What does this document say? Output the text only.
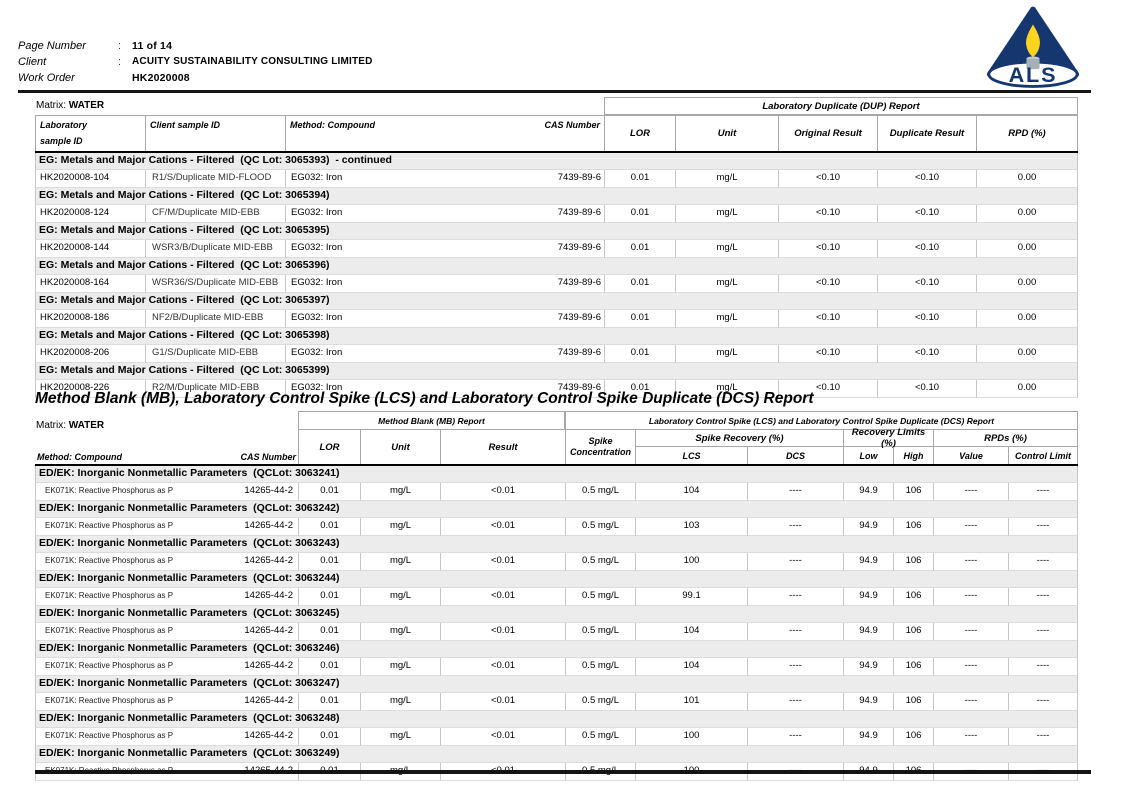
Page Number	:	11 of 14
Client	:	ACUITY SUSTAINABILITY CONSULTING LIMITED
Work Order	HK2020008	ALS
Matrix: WATER	Laboratory Duplicate (DUP) Report
Laboratory
sample ID
Client sample ID	Method: Compound	CAS Number
LOR	Unit	Original Result	Duplicate Result	RPD (%)
EG: Metals and Major Cations - Filtered  (QC Lot: 3065393)  - continued
HK2020008-104	R1/S/Duplicate MID-FLOOD	EG032: Iron	7439-89-6	0.01	mg/L	<0.10	<0.10	0.00
EG: Metals and Major Cations - Filtered  (QC Lot: 3065394)
HK2020008-124	CF/M/Duplicate MID-EBB	EG032: Iron	7439-89-6	0.01	mg/L	<0.10	<0.10	0.00
EG: Metals and Major Cations - Filtered  (QC Lot: 3065395)
HK2020008-144	WSR3/B/Duplicate MID-EBB	EG032: Iron	7439-89-6	0.01	mg/L	<0.10	<0.10	0.00
EG: Metals and Major Cations - Filtered  (QC Lot: 3065396)
HK2020008-164	WSR36/S/Duplicate MID-EBB	EG032: Iron	7439-89-6	0.01	mg/L	<0.10	<0.10	0.00
EG: Metals and Major Cations - Filtered  (QC Lot: 3065397)
HK2020008-186	NF2/B/Duplicate MID-EBB	EG032: Iron	7439-89-6	0.01	mg/L	<0.10	<0.10	0.00
EG: Metals and Major Cations - Filtered  (QC Lot: 3065398)
HK2020008-206	G1/S/Duplicate MID-EBB	EG032: Iron	7439-89-6	0.01	mg/L	<0.10	<0.10	0.00
EG: Metals and Major Cations - Filtered  (QC Lot: 3065399)
HK2020008-226	R2/M/Duplicate MID-EBB	EG032: Iron	7439-89-6	0.01	mg/L	<0.10	<0.10	0.00
Method Blank (MB), Laboratory Control Spike (LCS) and Laboratory Control Spike Duplicate (DCS) Report
Matrix: WATER	Method Blank (MB) Report	Laboratory Control Spike (LCS) and Laboratory Control Spike Duplicate (DCS) Report
Method: Compound	CAS Number
LOR	Unit	Result
Spike
Concentration
Spike Recovery (%)	Recovery Limits (%)	RPDs (%)
LCS	DCS	Low	High	Value	Control Limit
ED/EK: Inorganic Nonmetallic Parameters  (QCLot: 3063241)
EK071K: Reactive Phosphorus as P	14265-44-2	0.01	mg/L	<0.01	0.5 mg/L	104	----	94.9	106	----	----
ED/EK: Inorganic Nonmetallic Parameters  (QCLot: 3063242)
EK071K: Reactive Phosphorus as P	14265-44-2	0.01	mg/L	<0.01	0.5 mg/L	103	----	94.9	106	----	----
ED/EK: Inorganic Nonmetallic Parameters  (QCLot: 3063243)
EK071K: Reactive Phosphorus as P	14265-44-2	0.01	mg/L	<0.01	0.5 mg/L	100	----	94.9	106	----	----
ED/EK: Inorganic Nonmetallic Parameters  (QCLot: 3063244)
EK071K: Reactive Phosphorus as P	14265-44-2	0.01	mg/L	<0.01	0.5 mg/L	99.1	----	94.9	106	----	----
ED/EK: Inorganic Nonmetallic Parameters  (QCLot: 3063245)
EK071K: Reactive Phosphorus as P	14265-44-2	0.01	mg/L	<0.01	0.5 mg/L	104	----	94.9	106	----	----
ED/EK: Inorganic Nonmetallic Parameters  (QCLot: 3063246)
EK071K: Reactive Phosphorus as P	14265-44-2	0.01	mg/L	<0.01	0.5 mg/L	104	----	94.9	106	----	----
ED/EK: Inorganic Nonmetallic Parameters  (QCLot: 3063247)
EK071K: Reactive Phosphorus as P	14265-44-2	0.01	mg/L	<0.01	0.5 mg/L	101	----	94.9	106	----	----
ED/EK: Inorganic Nonmetallic Parameters  (QCLot: 3063248)
EK071K: Reactive Phosphorus as P	14265-44-2	0.01	mg/L	<0.01	0.5 mg/L	100	----	94.9	106	----	----
ED/EK: Inorganic Nonmetallic Parameters  (QCLot: 3063249)
